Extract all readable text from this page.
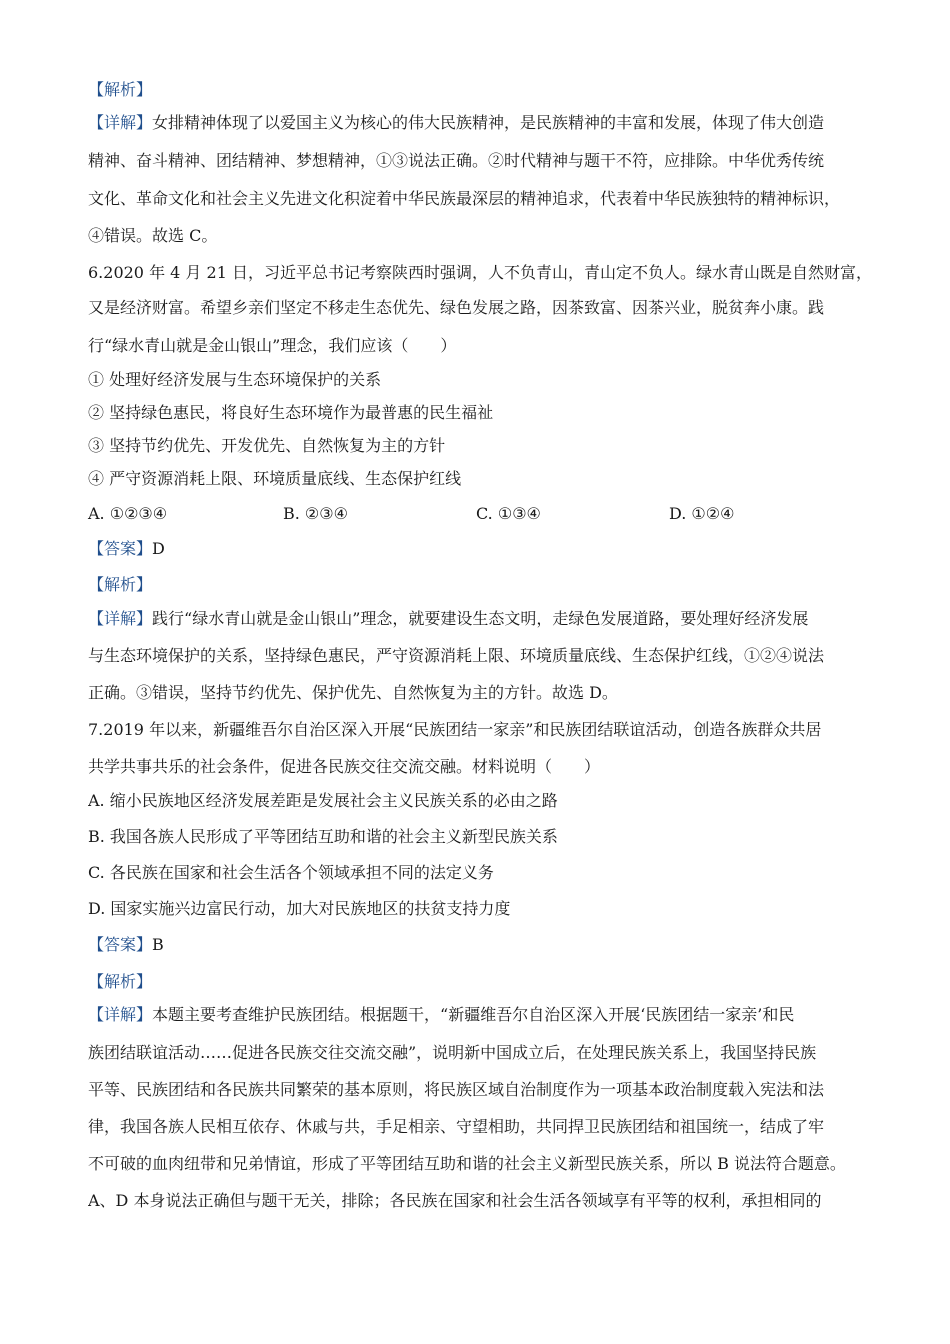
【解析】
【详解】女排精神体现了以爱国主义为核心的伟大民族精神，是民族精神的丰富和发展，体现了伟大创造
精神、奋斗精神、团结精神、梦想精神，①③说法正确。②时代精神与题干不符，应排除。中华优秀传统
文化、革命文化和社会主义先进文化积淀着中华民族最深层的精神追求，代表着中华民族独特的精神标识，
④错误。故选 C。
6.2020 年 4 月 21 日，习近平总书记考察陕西时强调，人不负青山，青山定不负人。绿水青山既是自然财富，
又是经济财富。希望乡亲们坚定不移走生态优先、绿色发展之路，因茶致富、因茶兴业，脱贫奔小康。践
行“绿水青山就是金山银山”理念，我们应该（　　）
① 处理好经济发展与生态环境保护的关系
② 坚持绿色惠民，将良好生态环境作为最普惠的民生福祉
③ 坚持节约优先、开发优先、自然恢复为主的方针
④ 严守资源消耗上限、环境质量底线、生态保护红线
A. ①②③④	B. ②③④	C. ①③④	D. ①②④
【答案】D
【解析】
【详解】践行“绿水青山就是金山银山”理念，就要建设生态文明，走绿色发展道路，要处理好经济发展
与生态环境保护的关系，坚持绿色惠民，严守资源消耗上限、环境质量底线、生态保护红线，①②④说法
正确。③错误，坚持节约优先、保护优先、自然恢复为主的方针。故选 D。
7.2019 年以来，新疆维吾尔自治区深入开展“民族团结一家亲”和民族团结联谊活动，创造各族群众共居
共学共事共乐的社会条件，促进各民族交往交流交融。材料说明（　　）
A. 缩小民族地区经济发展差距是发展社会主义民族关系的必由之路
B. 我国各族人民形成了平等团结互助和谐的社会主义新型民族关系
C. 各民族在国家和社会生活各个领域承担不同的法定义务
D. 国家实施兴边富民行动，加大对民族地区的扶贫支持力度
【答案】B
【解析】
【详解】本题主要考查维护民族团结。根据题干，“新疆维吾尔自治区深入开展‘民族团结一家亲’和民
族团结联谊活动……促进各民族交往交流交融”，说明新中国成立后，在处理民族关系上，我国坚持民族
平等、民族团结和各民族共同繁荣的基本原则，将民族区域自治制度作为一项基本政治制度载入宪法和法
律，我国各族人民相互依存、休戚与共，手足相亲、守望相助，共同捍卫民族团结和祖国统一，结成了牢
不可破的血肉纽带和兄弟情谊，形成了平等团结互助和谐的社会主义新型民族关系，所以 B 说法符合题意。
A、D 本身说法正确但与题干无关，排除；各民族在国家和社会生活各领域享有平等的权利，承担相同的
